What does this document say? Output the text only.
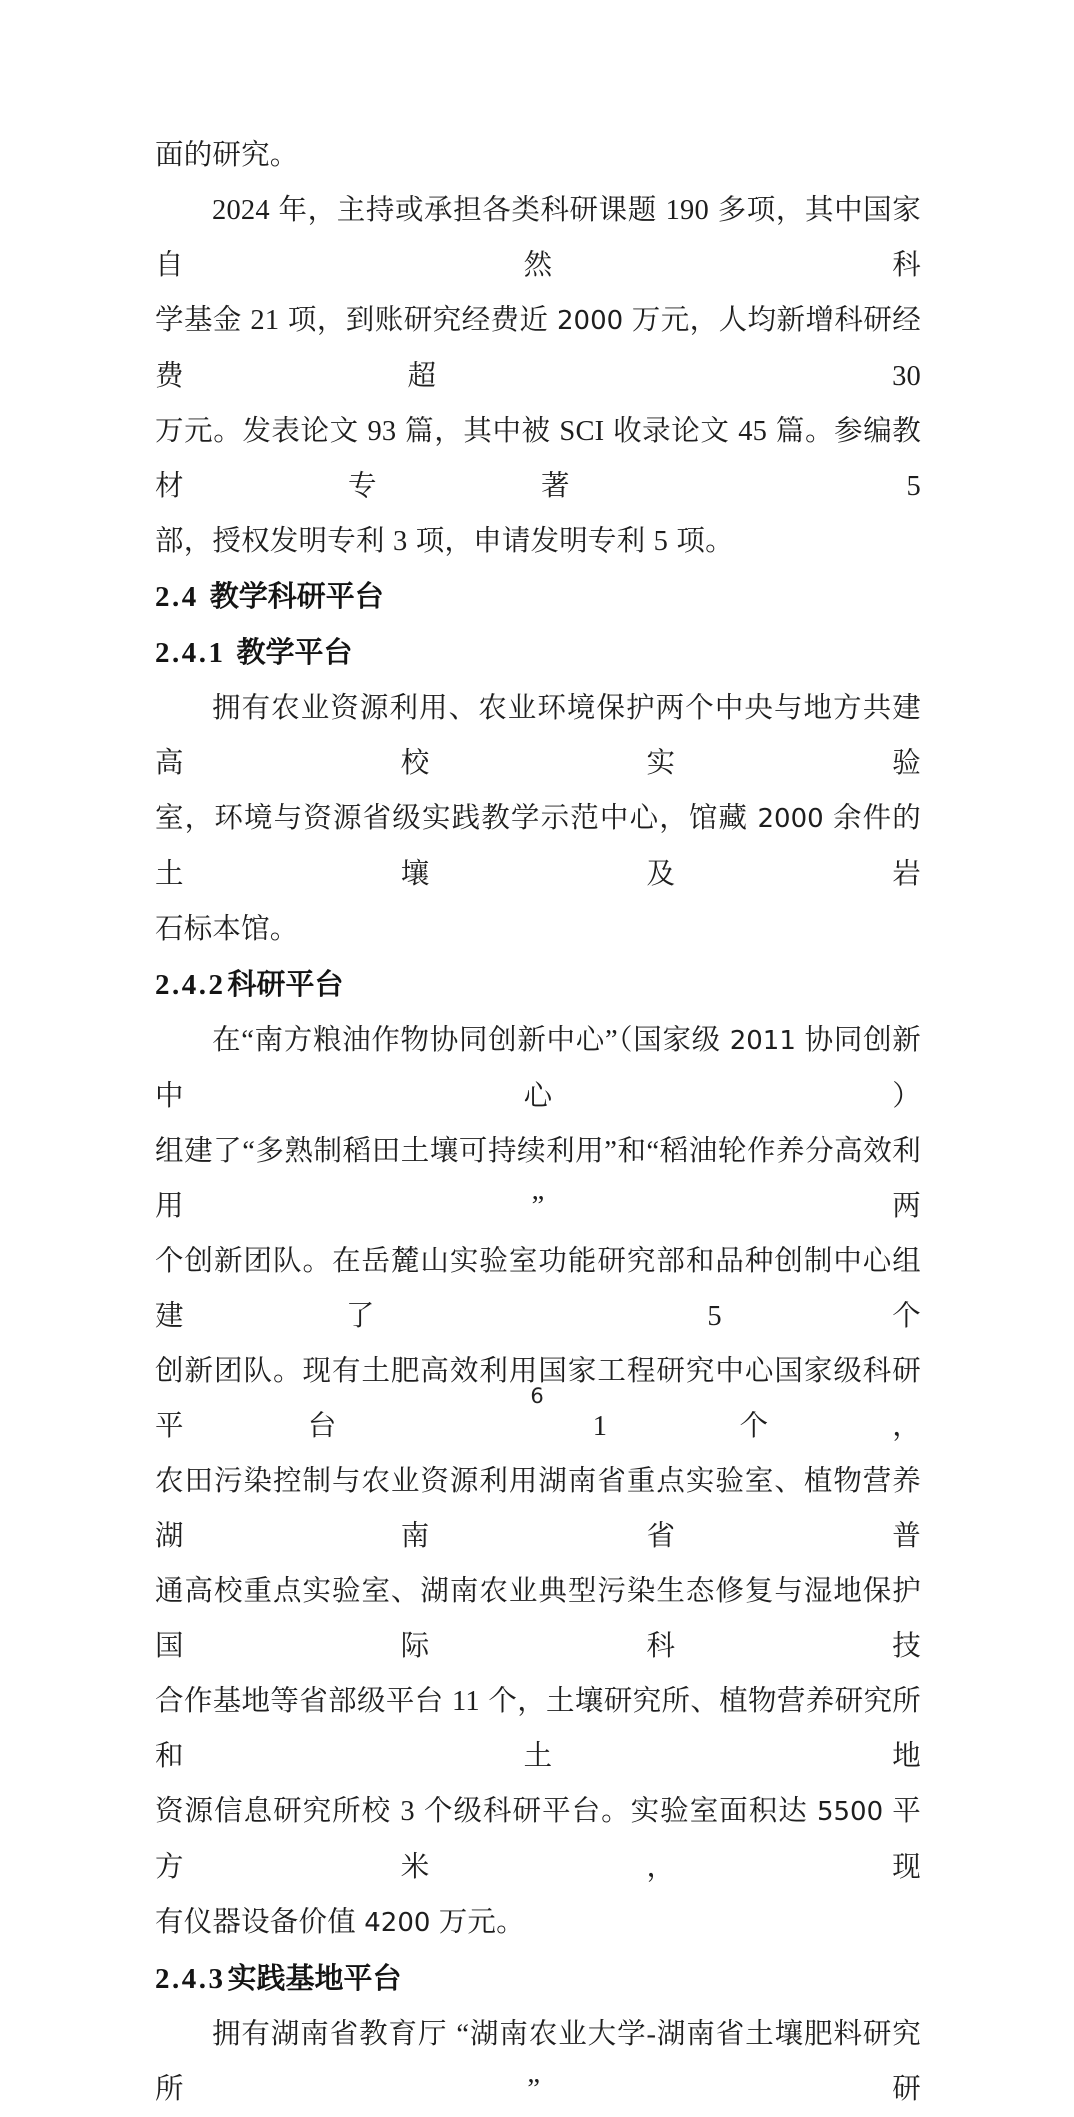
面的研究。

2024 年，主持或承担各类科研课题 190 多项，其中国家自然科
学基金 21 项，到账研究经费近 2000 万元，人均新增科研经费超 30
万元。发表论文 93 篇，其中被 SCI 收录论文 45 篇。参编教材专著 5
部，授权发明专利 3 项，申请发明专利 5 项。
2.4 教学科研平台
2.4.1 教学平台
拥有农业资源利用、农业环境保护两个中央与地方共建高校实验
室，环境与资源省级实践教学示范中心，馆藏 2000 余件的土壤及岩
石标本馆。
2.4.2科研平台
在“南方粮油作物协同创新中心”（国家级 2011 协同创新中心）
组建了“多熟制稻田土壤可持续利用”和“稻油轮作养分高效利用”两
个创新团队。在岳麓山实验室功能研究部和品种创制中心组建了 5 个
创新团队。现有土肥高效利用国家工程研究中心国家级科研平台 1 个，
农田污染控制与农业资源利用湖南省重点实验室、植物营养湖南省普
通高校重点实验室、湖南农业典型污染生态修复与湿地保护国际科技
合作基地等省部级平台 11 个，土壤研究所、植物营养研究所和土地
资源信息研究所校 3 个级科研平台。实验室面积达 5500 平方米，现
有仪器设备价值 4200 万元。
2.4.3实践基地平台
拥有湖南省教育厅 “湖南农业大学-湖南省土壤肥料研究所” 研
6
